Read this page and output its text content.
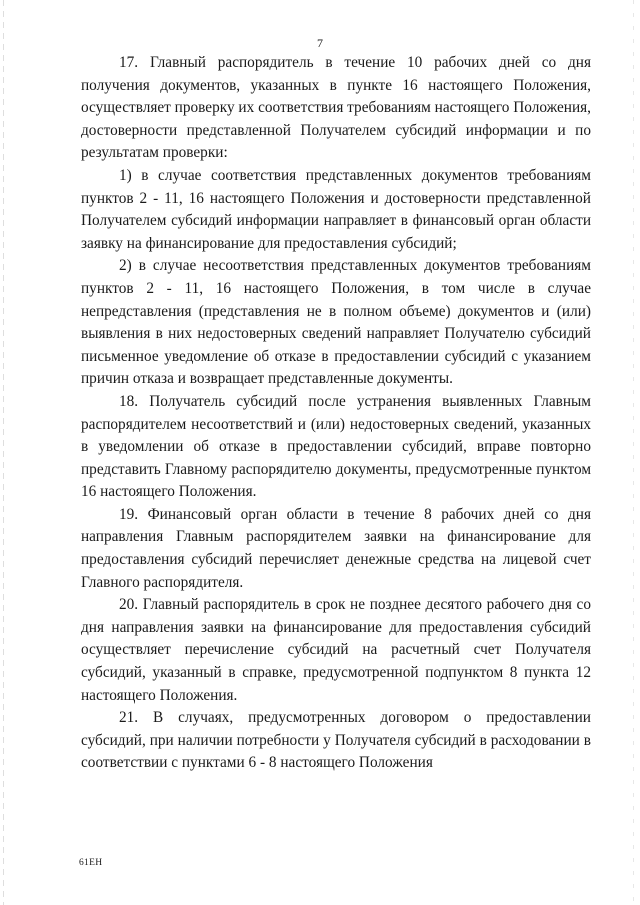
7

17. Главный распорядитель в течение 10 рабочих дней со дня получения документов, указанных в пункте 16 настоящего Положения, осуществляет проверку их соответствия требованиям настоящего Положения, достоверности представленной Получателем субсидий информации и по результатам проверки:

1) в случае соответствия представленных документов требованиям пунктов 2 - 11, 16 настоящего Положения и достоверности представленной Получателем субсидий информации направляет в финансовый орган области заявку на финансирование для предоставления субсидий;

2) в случае несоответствия представленных документов требованиям пунктов 2 - 11, 16 настоящего Положения, в том числе в случае непредставления (представления не в полном объеме) документов и (или) выявления в них недостоверных сведений направляет Получателю субсидий письменное уведомление об отказе в предоставлении субсидий с указанием причин отказа и возвращает представленные документы.

18. Получатель субсидий после устранения выявленных Главным распорядителем несоответствий и (или) недостоверных сведений, указанных в уведомлении об отказе в предоставлении субсидий, вправе повторно представить Главному распорядителю документы, предусмотренные пунктом 16 настоящего Положения.

19. Финансовый орган области в течение 8 рабочих дней со дня направления Главным распорядителем заявки на финансирование для предоставления субсидий перечисляет денежные средства на лицевой счет Главного распорядителя.

20. Главный распорядитель в срок не позднее десятого рабочего дня со дня направления заявки на финансирование для предоставления субсидий осуществляет перечисление субсидий на расчетный счет Получателя субсидий, указанный в справке, предусмотренной подпунктом 8 пункта 12 настоящего Положения.

21. В случаях, предусмотренных договором о предоставлении субсидий, при наличии потребности у Получателя субсидий в расходовании в соответствии с пунктами 6 - 8 настоящего Положения

61ЕН
